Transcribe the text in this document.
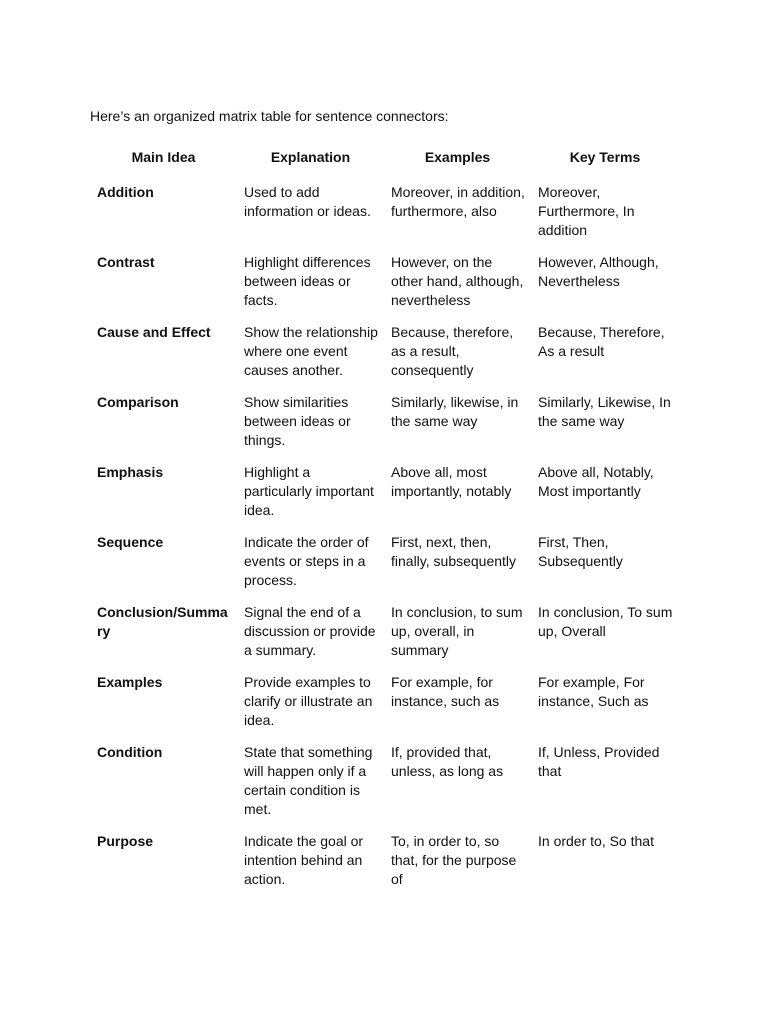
Here’s an organized matrix table for sentence connectors:
Main Idea	Explanation	Examples	Key Terms
Addition	Used to add information or ideas.	Moreover, in addition, furthermore, also	Moreover, Furthermore, In addition
Contrast	Highlight differences between ideas or facts.	However, on the other hand, although, nevertheless	However, Although, Nevertheless
Cause and Effect	Show the relationship where one event causes another.	Because, therefore, as a result, consequently	Because, Therefore, As a result
Comparison	Show similarities between ideas or things.	Similarly, likewise, in the same way	Similarly, Likewise, In the same way
Emphasis	Highlight a particularly important idea.	Above all, most importantly, notably	Above all, Notably, Most importantly
Sequence	Indicate the order of events or steps in a process.	First, next, then, finally, subsequently	First, Then, Subsequently
Conclusion/Summary	Signal the end of a discussion or provide a summary.	In conclusion, to sum up, overall, in summary	In conclusion, To sum up, Overall
Examples	Provide examples to clarify or illustrate an idea.	For example, for instance, such as	For example, For instance, Such as
Condition	State that something will happen only if a certain condition is met.	If, provided that, unless, as long as	If, Unless, Provided that
Purpose	Indicate the goal or intention behind an action.	To, in order to, so that, for the purpose of	In order to, So that
